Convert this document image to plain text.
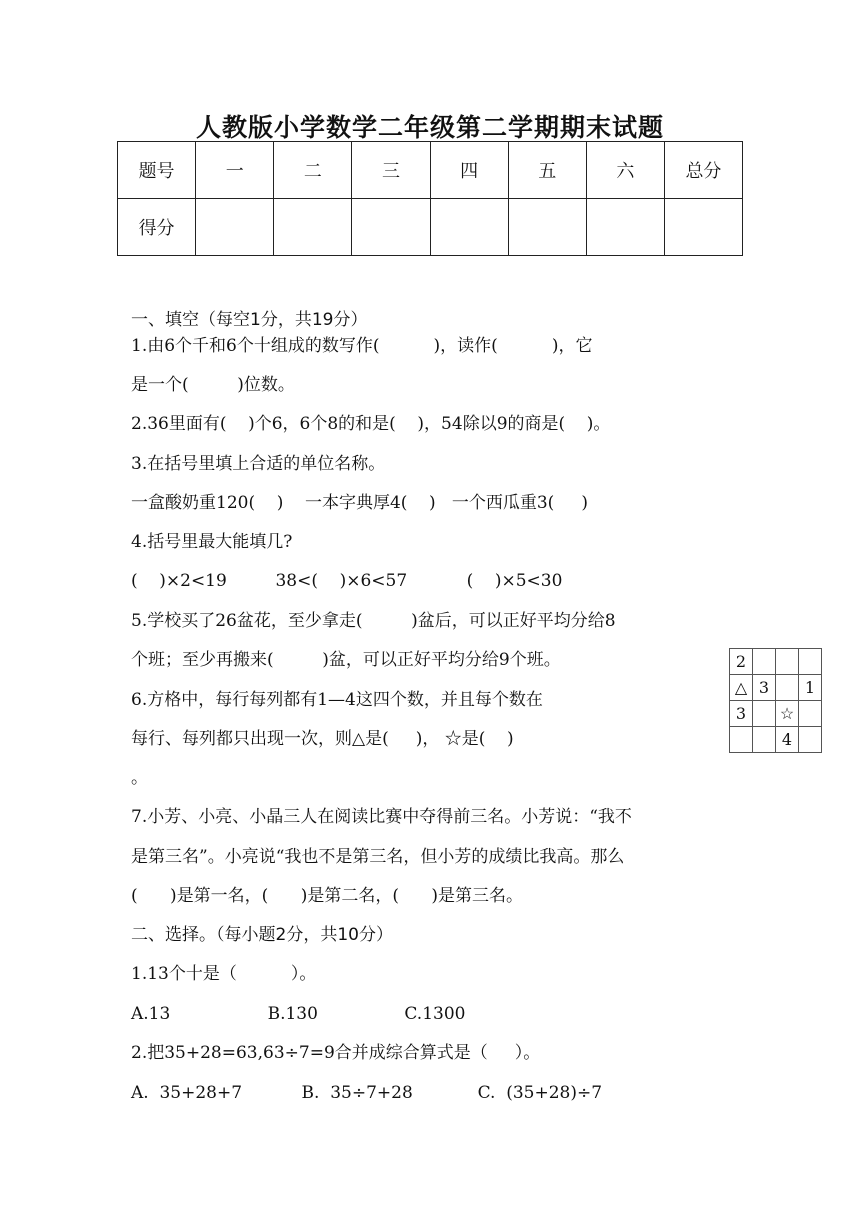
人教版小学数学二年级第二学期期末试题
题号	一	二	三	四	五	六	总分
得分							
一、填空（每空1分，共19分）
1.由6个千和6个十组成的数写作(          )，读作(          )，它
是一个(         )位数。
2.36里面有(    )个6，6个8的和是(    )，54除以9的商是(    )。
3.在括号里填上合适的单位名称。
一盒酸奶重120(    )    一本字典厚4(    )   一个西瓜重3(     )
4.括号里最大能填几?
(    )×2<19         38<(    )×6<57           (    )×5<30
5.学校买了26盆花，至少拿走(         )盆后，可以正好平均分给8
个班；至少再搬来(         )盆，可以正好平均分给9个班。
6.方格中，每行每列都有1—4这四个数，并且每个数在
每行、每列都只出现一次，则△是(     )， ☆是(    )
。
7.小芳、小亮、小晶三人在阅读比赛中夺得前三名。小芳说：“我不
是第三名”。小亮说“我也不是第三名，但小芳的成绩比我高。那么
(      )是第一名，(      )是第二名，(      )是第三名。
二、选择。（每小题2分，共10分）
1.13个十是（          ）。
A.13                  B.130                C.1300
2.把35+28=63,63÷7=9合并成综合算式是（     ）。
A.  35+28+7           B.  35÷7+28            C.  (35+28)÷7
2			
△	3		1
3		☆	
		4	
